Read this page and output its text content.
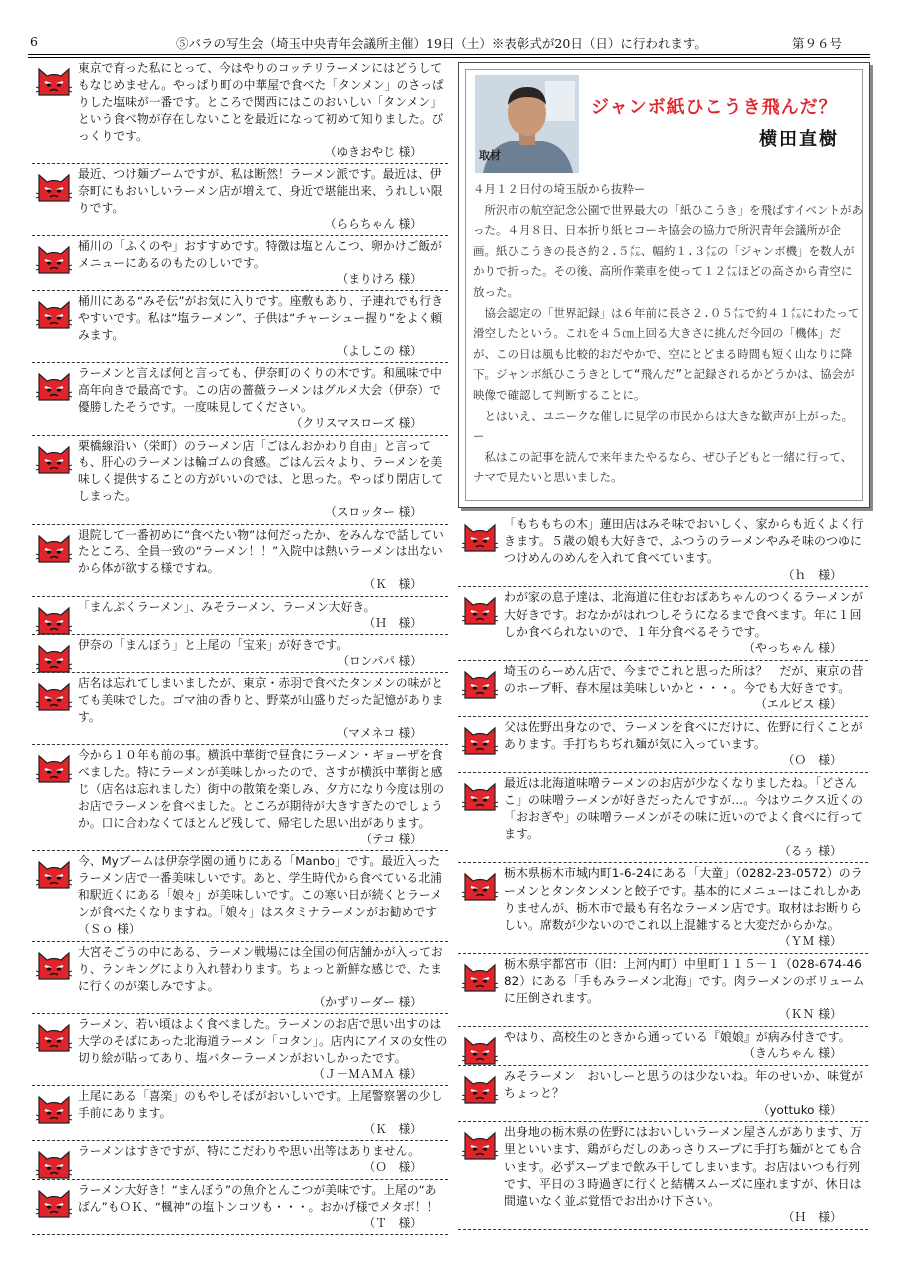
6	⑤バラの写生会（埼玉中央青年会議所主催）19日（土）※表彰式が20日（日）に行われます。	第９６号
東京で育った私にとって、今はやりのコッテリラーメンにはどうしてもなじめません。やっぱり町の中華屋で食べた「タンメン」のさっぱりした塩味が一番です。ところで関西にはこのおいしい「タンメン」という食べ物が存在しないことを最近になって初めて知りました。びっくりです。
（ゆきおやじ 様）
最近、つけ麺ブームですが、私は断然！ラーメン派です。最近は、伊奈町にもおいしいラーメン店が増えて、身近で堪能出来、うれしい限りです。
（ららちゃん 様）
桶川の「ふくのや」おすすめです。特徴は塩とんこつ、卵かけご飯がメニューにあるのもたのしいです。
（まりけろ 様）
桶川にある“みそ伝”がお気に入りです。座敷もあり、子連れでも行きやすいです。私は“塩ラーメン”、子供は“チャーシュー握り”をよく頼みます。
（よしこの 様）
ラーメンと言えば何と言っても、伊奈町のくりの木です。和風味で中高年向きで最高です。この店の薔薇ラーメンはグルメ大会（伊奈）で優勝したそうです。一度味見してください。
（クリスマスローズ 様）
栗橋線沿い（栄町）のラーメン店「ごはんおかわり自由」と言っても、肝心のラーメンは輪ゴムの食感。ごはん云々より、ラーメンを美味しく提供することの方がいいのでは、と思った。やっぱり閉店してしまった。
（スロッター 様）
退院して一番初めに“食べたい物”は何だったか、をみんなで話していたところ、全員一致の“ラーメン！！”入院中は熱いラーメンは出ないから体が欲する様ですね。
（Ｋ　様）
「まんぷくラーメン」、みそラーメン、ラーメン大好き。
（Ｈ　様）
伊奈の「まんぼう」と上尾の「宝来」が好きです。
（ロンパパ 様）
店名は忘れてしまいましたが、東京・赤羽で食べたタンメンの味がとても美味でした。ゴマ油の香りと、野菜が山盛りだった記憶があります。
（マメネコ 様）
今から１０年も前の事。横浜中華街で昼食にラーメン・ギョーザを食べました。特にラーメンが美味しかったので、さすが横浜中華街と感じ（店名は忘れました）街中の散策を楽しみ、夕方になり今度は別のお店でラーメンを食べました。ところが期待が大きすぎたのでしょうか。口に合わなくてほとんど残して、帰宅した思い出があります。
（テコ 様）
今、Myブームは伊奈学園の通りにある「Manbo」です。最近入ったラーメン店で一番美味しいです。あと、学生時代から食べている北浦和駅近くにある「娘々」が美味しいです。この寒い日が続くとラーメンが食べたくなりますね。「娘々」はスタミナラーメンがお勧めです（Ｓｏ 様）
大宮そごうの中にある、ラーメン戦場には全国の何店舗かが入っており、ランキングにより入れ替わります。ちょっと新鮮な感じで、たまに行くのが楽しみですよ。
（かずリーダー 様）
ラーメン、若い頃はよく食べました。ラーメンのお店で思い出すのは大学のそばにあった北海道ラーメン「コタン」。店内にアイヌの女性の切り絵が貼ってあり、塩バターラーメンがおいしかったです。
（Ｊ－ＭＡＭＡ 様）
上尾にある「喜楽」のもやしそばがおいしいです。上尾警察署の少し手前にあります。
（Ｋ　様）
ラーメンはすきですが、特にこだわりや思い出等はありません。
（Ｏ　様）
ラーメン大好き！“まんぼう”の魚介とんこつが美味です。上尾の“あばん”もＯＫ、“楓神”の塩トンコツも・・・。おかげ様でメタボ！！
（Ｔ　様）
取材
ジャンボ紙ひこうき飛んだ？
横田直樹

４月１２日付の埼玉版から抜粋ー

所沢市の航空記念公園で世界最大の「紙ひこうき」を飛ばすイベントがあった。４月８日、日本折り紙ヒコーキ協会の協力で所沢青年会議所が企画。紙ひこうきの長さ約２.５㍍、幅約１.３㍍の「ジャンボ機」を数人がかりで折った。その後、高所作業車を使って１２㍍ほどの高さから青空に放った。

協会認定の「世界記録」は６年前に長さ２.０５㍍で約４１㍍にわたって滑空したという。これを４５㎝上回る大きさに挑んだ今回の「機体」だが、この日は風も比較的おだやかで、空にとどまる時間も短く山なりに降下。ジャンボ紙ひこうきとして“飛んだ”と記録されるかどうかは、協会が映像で確認して判断することに。

とはいえ、ユニークな催しに見学の市民からは大きな歓声が上がった。ー

私はこの記事を読んで来年またやるなら、ぜひ子どもと一緒に行って、ナマで見たいと思いました。

「もちもちの木」蓮田店はみそ味でおいしく、家からも近くよく行きます。５歳の娘も大好きで、ふつうのラーメンやみそ味のつゆにつけめんのめんを入れて食べています。
（ｈ　様）
わが家の息子達は、北海道に住むおばあちゃんのつくるラーメンが大好きです。おなかがはれつしそうになるまで食べます。年に１回しか食べられないので、１年分食べるそうです。
（やっちゃん 様）
埼玉のらーめん店で、今までこれと思った所は？　だが、東京の昔のホープ軒、春木屋は美味しいかと・・・。今でも大好きです。
（エルビス 様）
父は佐野出身なので、ラーメンを食べにだけに、佐野に行くことがあります。手打ちちぢれ麺が気に入っています。
（Ｏ　様）
最近は北海道味噌ラーメンのお店が少なくなりましたね。「どさんこ」の味噌ラーメンが好きだったんですが…。今はウニクス近くの「おおぎや」の味噌ラーメンがその味に近いのでよく食べに行ってます。
（るぅ 様）
栃木県栃木市城内町1-6-24にある「大童」（0282-23-0572）のラーメンとタンタンメンと餃子です。基本的にメニューはこれしかありませんが、栃木市で最も有名なラーメン店です。取材はお断りらしい。席数が少ないのでこれ以上混雑すると大変だからかな。
（ＹＭ 様）
栃木県宇都宮市（旧：上河内町）中里町１１５－１（028-674-4682）にある「手もみラーメン北海」です。肉ラーメンのボリュームに圧倒されます。
（ＫＮ 様）
やはり、高校生のときから通っている『娘娘』が病み付きです。
（きんちゃん 様）
みそラーメン　おいしーと思うのは少ないね。年のせいか、味覚がちょっと？
（yottuko 様）
出身地の栃木県の佐野にはおいしいラーメン屋さんがあります、万里といいます、鶏がらだしのあっさりスープに手打ち麺がとても合います。必ずスープまで飲み干してしまいます。お店はいつも行列です、平日の３時過ぎに行くと結構スムーズに座れますが、休日は間違いなく並ぶ覚悟でお出かけ下さい。
（Ｈ　様）
